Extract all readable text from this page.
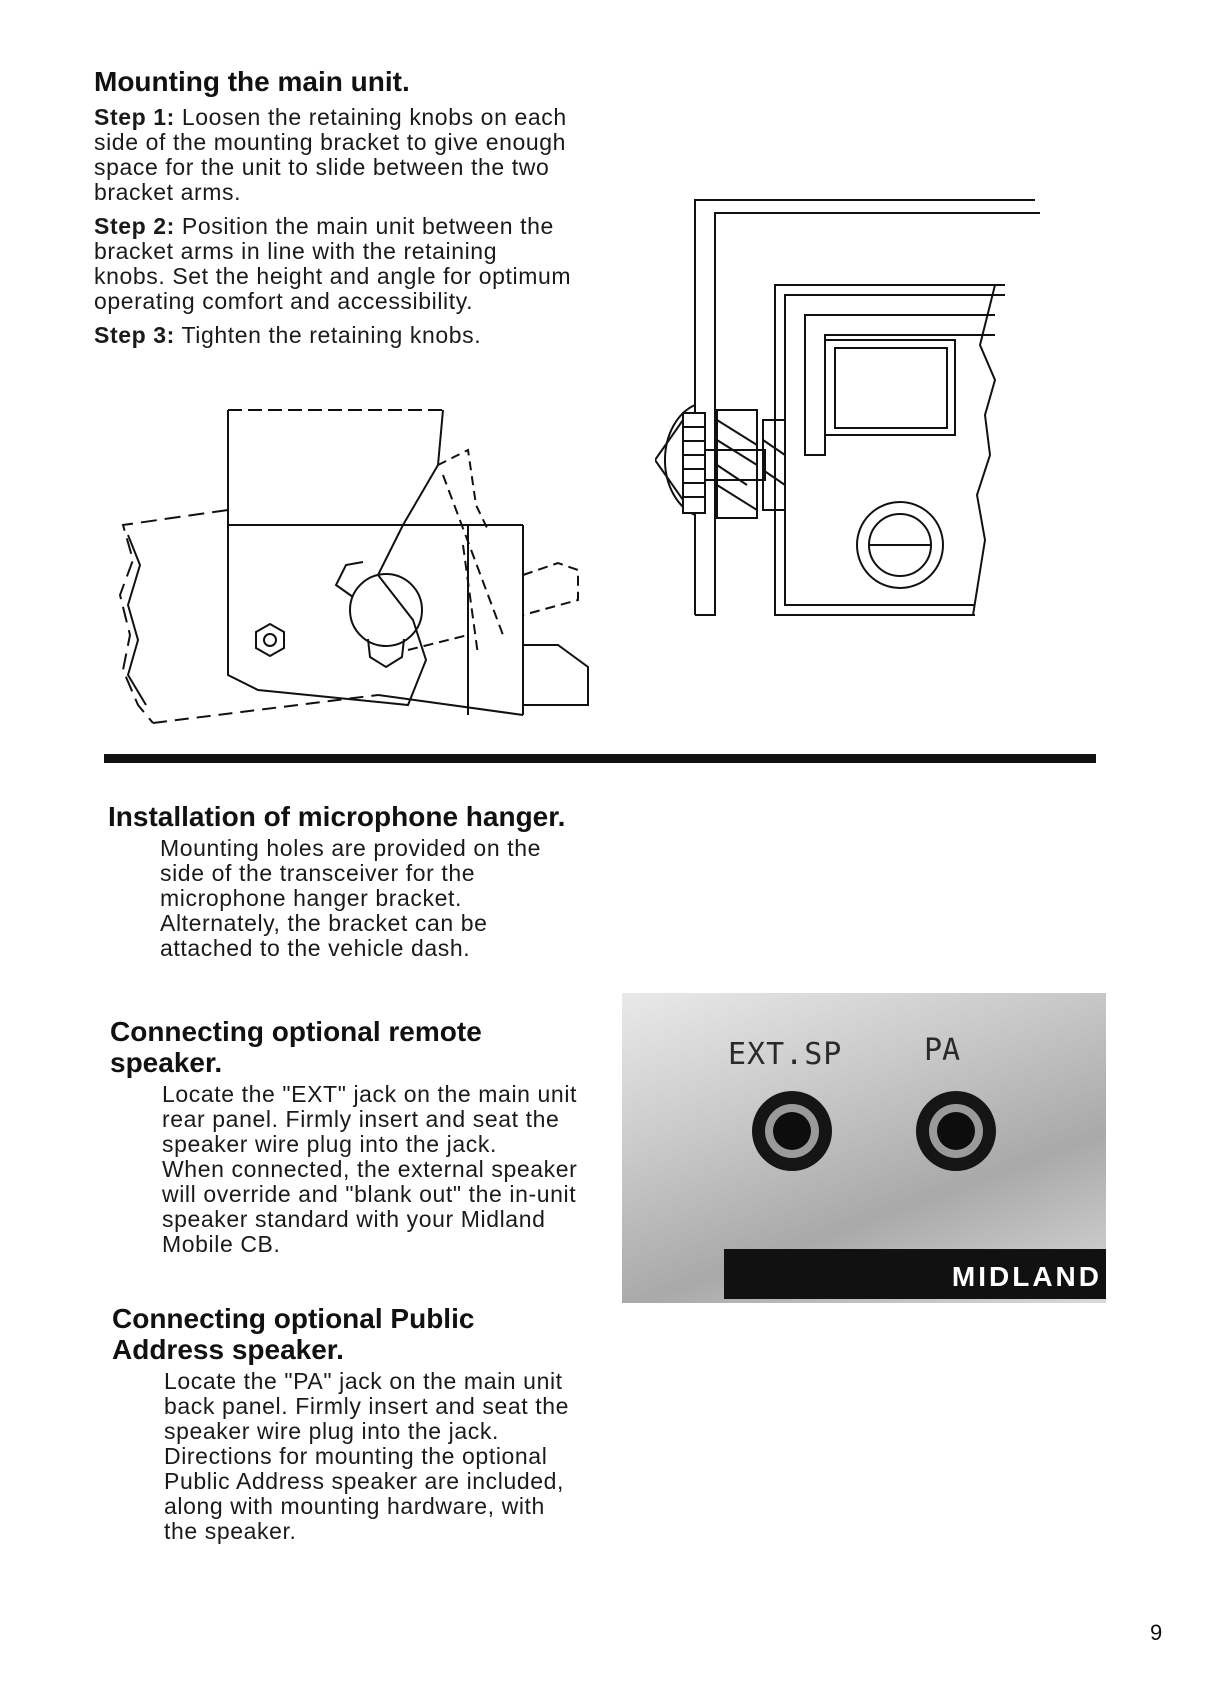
Mounting the main unit.

Step 1: Loosen the retaining knobs on each side of the mounting bracket to give enough space for the unit to slide between the two bracket arms.

Step 2: Position the main unit between the bracket arms in line with the retaining knobs. Set the height and angle for optimum operating comfort and accessibility.

Step 3: Tighten the retaining knobs.

Installation of microphone hanger.

Mounting holes are provided on the side of the transceiver for the microphone hanger bracket. Alternately, the bracket can be attached to the vehicle dash.

Connecting optional remote speaker.

Locate the "EXT" jack on the main unit rear panel. Firmly insert and seat the speaker wire plug into the jack.

When connected, the external speaker will override and "blank out" the in-unit speaker standard with your Midland Mobile CB.

Connecting optional Public Address speaker.

Locate the "PA" jack on the main unit back panel. Firmly insert and seat the speaker wire plug into the jack.

Directions for mounting the optional Public Address speaker are included, along with mounting hardware, with the speaker.

EXT.SP	PA
MIDLAND
9
